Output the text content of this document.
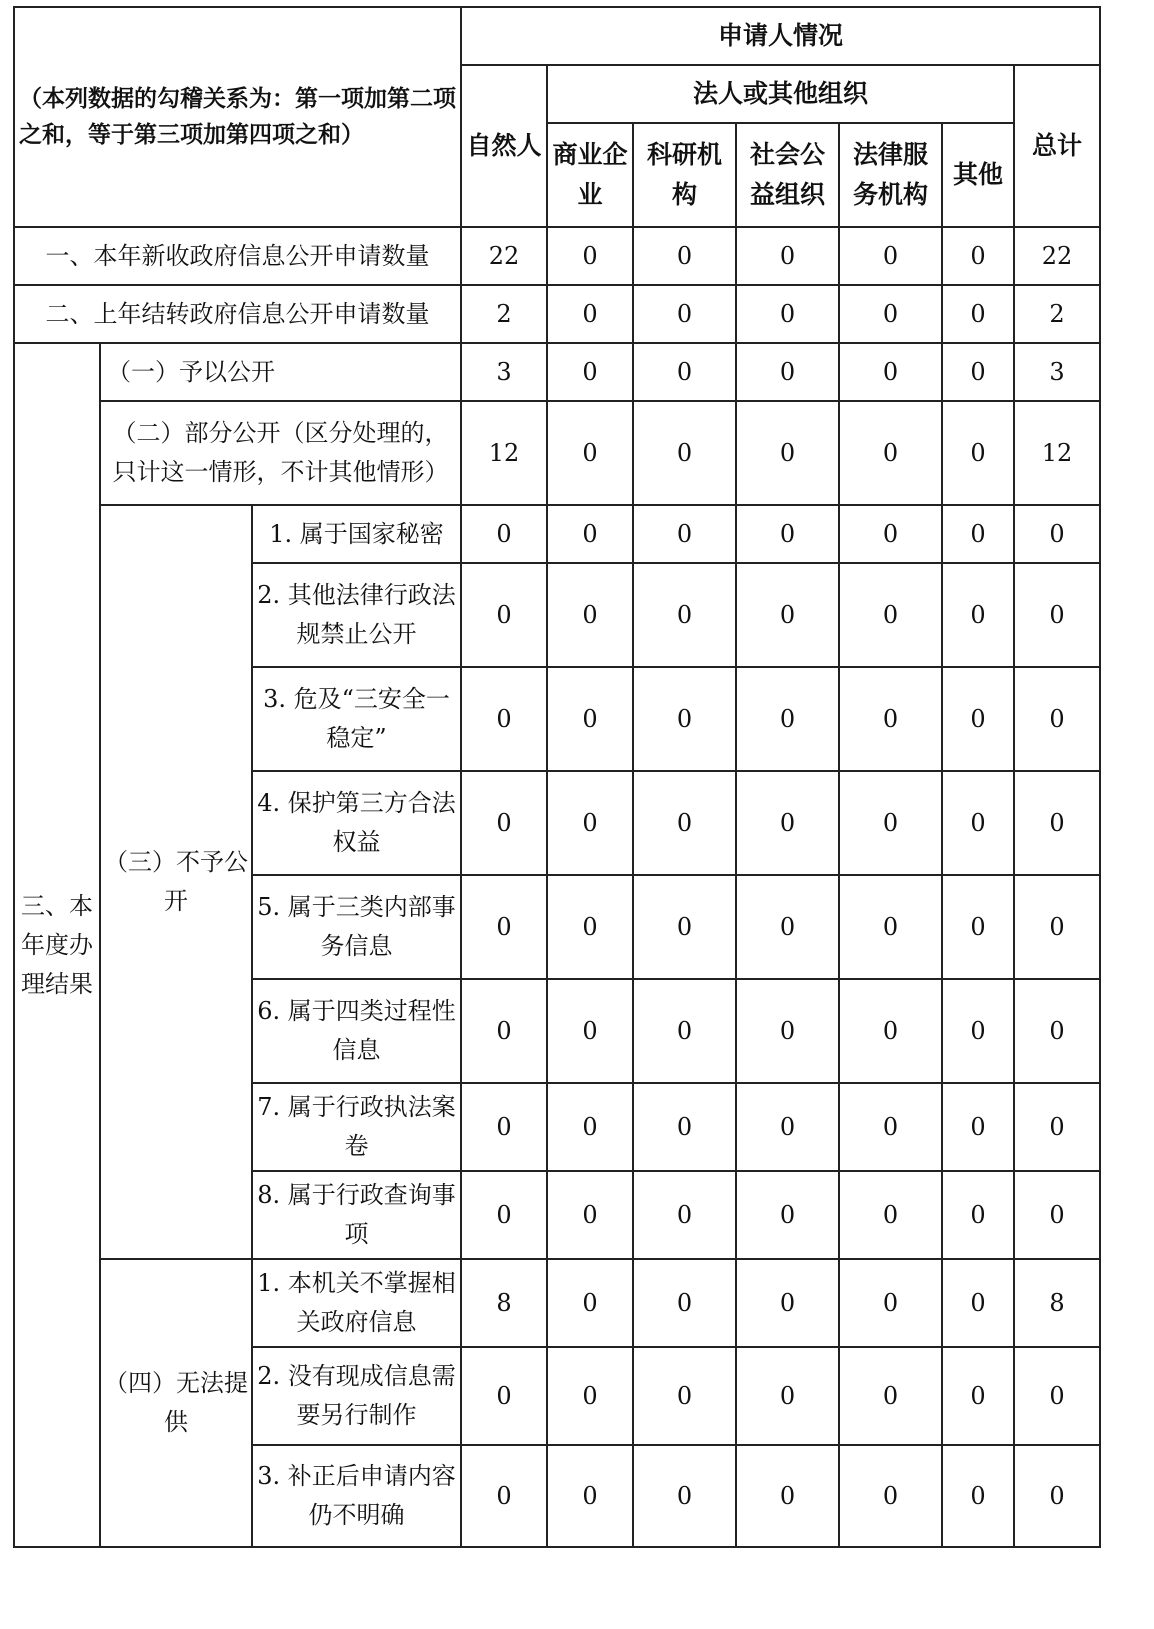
（本列数据的勾稽关系为：第一项加第二项之和，等于第三项加第四项之和）			申请人情况						
			自然人	法人或其他组织					总计
				商业企业	科研机构	社会公益组织	法律服务机构	其他	
一、本年新收政府信息公开申请数量			22	0	0	0	0	0	22
二、上年结转政府信息公开申请数量			2	0	0	0	0	0	2
三、本年度办理结果	（一）予以公开		3	0	0	0	0	0	3
	（二）部分公开（区分处理的，只计这一情形，不计其他情形）		12	0	0	0	0	0	12
	（三）不予公开	1. 属于国家秘密	0	0	0	0	0	0	0
		2. 其他法律行政法规禁止公开	0	0	0	0	0	0	0
		3. 危及“三安全一稳定”	0	0	0	0	0	0	0
		4. 保护第三方合法权益	0	0	0	0	0	0	0
		5. 属于三类内部事务信息	0	0	0	0	0	0	0
		6. 属于四类过程性信息	0	0	0	0	0	0	0
		7. 属于行政执法案卷	0	0	0	0	0	0	0
		8. 属于行政查询事项	0	0	0	0	0	0	0
	（四）无法提供	1. 本机关不掌握相关政府信息	8	0	0	0	0	0	8
		2. 没有现成信息需要另行制作	0	0	0	0	0	0	0
		3. 补正后申请内容仍不明确	0	0	0	0	0	0	0
